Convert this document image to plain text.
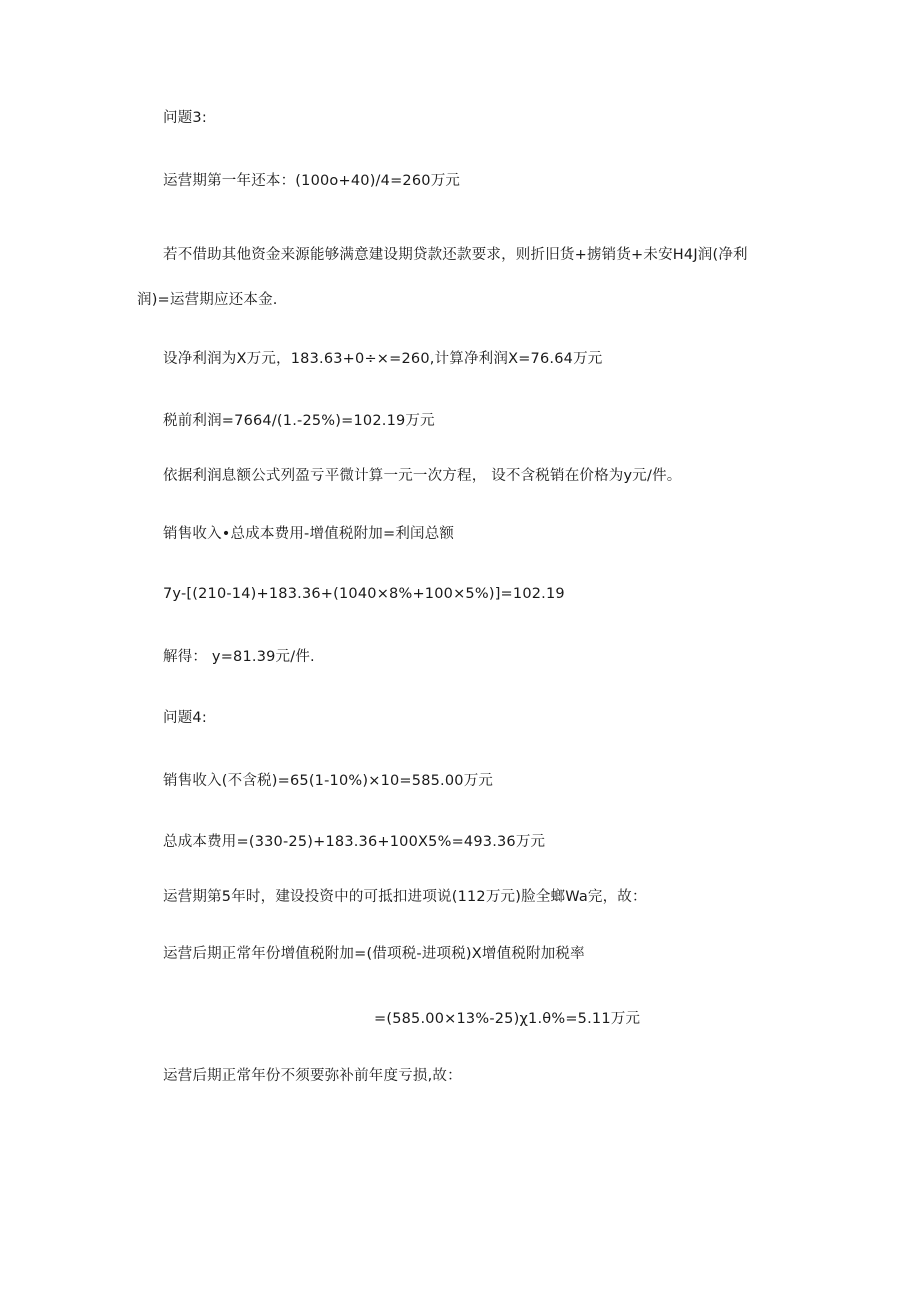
问题3:
运营期第一年还本：(100o+40)/4=260万元
若不借助其他资金来源能够满意建设期贷款还款要求，则折旧货+掳销货+未安H4J润(净利
润)=运营期应还本金.
设净利润为X万元，183.63+0÷×=260,计算净利润X=76.64万元
税前利润=7664∕(1.-25%)=102.19万元
依据利润息额公式列盈亏平微计算一元一次方程， 设不含税销在价格为y元/件。
销售收入•总成本费用-增值税附加=利闰总额
7y-[(210-14)+183.36+(1040×8%+100×5%)]=102.19
解得： y=81.39元/件.
问题4:
销售收入(不含税)=65(1-10%)×10=585.00万元
总成本费用=(330-25)+183.36+100X5%=493.36万元
运营期第5年时，建设投资中的可抵扣进项说(112万元)脸全螂Wa完，故：
运营后期正常年份增值税附加=(借项税-进项税)X增值税附加税率
=(585.00×13%-25)χ1.θ%=5.11万元
运营后期正常年份不须要弥补前年度亏损,故：
